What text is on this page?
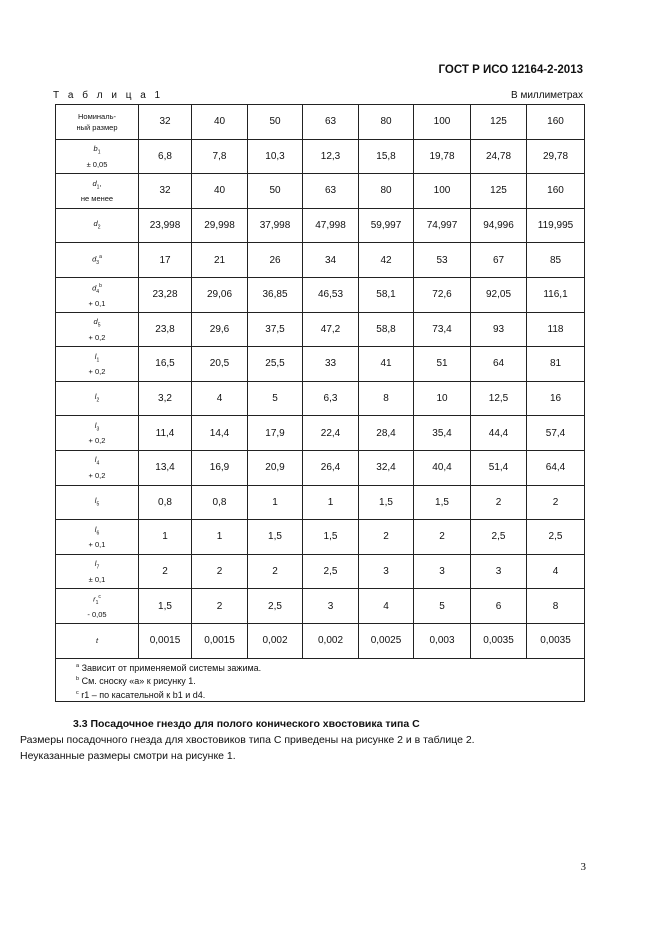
ГОСТ Р ИСО 12164-2-2013
Т а б л и ц а 1	В миллиметрах
Номиналь-
ный размер	32	40	50	63	80	100	125	160

$b_1$
± 0,05	6,8	7,8	10,3	12,3	15,8	19,78	24,78	29,78

$d_1$,
не менее	32	40	50	63	80	100	125	160

$d_2$	23,998	29,998	37,998	47,998	59,997	74,997	94,996	119,995

$d_3^a$	17	21	26	34	42	53	67	85

$d_4^b$
+ 0,1	23,28	29,06	36,85	46,53	58,1	72,6	92,05	116,1

$d_5$
+ 0,2	23,8	29,6	37,5	47,2	58,8	73,4	93	118

$l_1$
+ 0,2	16,5	20,5	25,5	33	41	51	64	81

$l_2$	3,2	4	5	6,3	8	10	12,5	16

$l_3$
+ 0,2	11,4	14,4	17,9	22,4	28,4	35,4	44,4	57,4

$l_4$
+ 0,2	13,4	16,9	20,9	26,4	32,4	40,4	51,4	64,4

$l_5$	0,8	0,8	1	1	1,5	1,5	2	2

$l_6$
+ 0,1	1	1	1,5	1,5	2	2	2,5	2,5

$l_7$
± 0,1	2	2	2	2,5	3	3	3	4

$r_1^c$
- 0,05	1,5	2	2,5	3	4	5	6	8

t	0,0015	0,0015	0,002	0,002	0,0025	0,003	0,0035	0,0035

$^a$ Зависит от применяемой системы зажима.
$^b$ См. сноску «а» к рисунку 1.
$^c$ r1 – по касательной к b1 и d4.								
3.3 Посадочное гнездо для полого конического хвостовика типа С
Размеры посадочного гнезда для хвостовиков типа С приведены на рисунке 2 и в таблице 2.
Неуказанные размеры смотри на рисунке 1.
3
